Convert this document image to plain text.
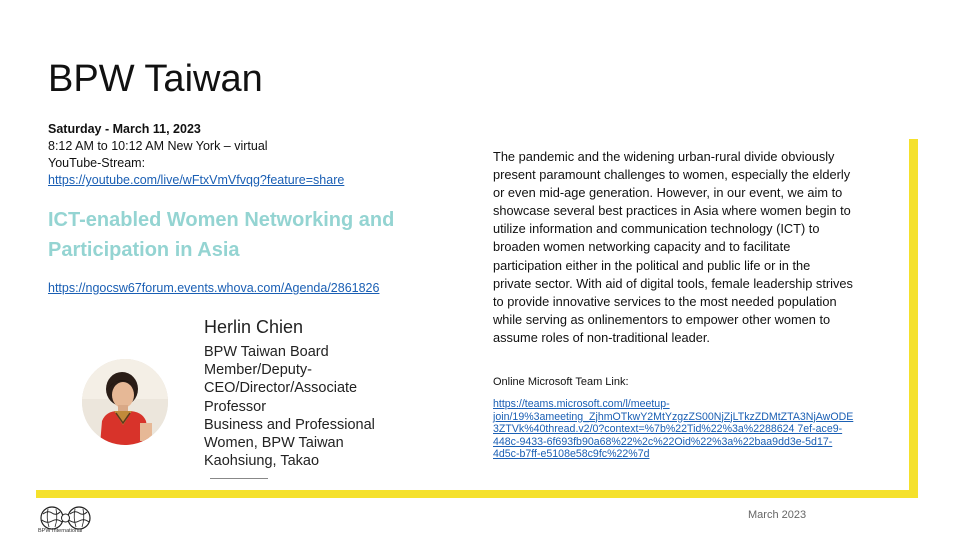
BPW Taiwan
Saturday - March 11, 2023
8:12 AM to 10:12 AM New York – virtual
YouTube-Stream:
https://youtube.com/live/wFtxVmVfvqg?feature=share
ICT-enabled Women Networking and Participation in Asia
https://ngocsw67forum.events.whova.com/Agenda/2861826
Herlin Chien
BPW Taiwan Board
Member/Deputy-
CEO/Director/Associate
Professor
Business and Professional
Women, BPW Taiwan
Kaohsiung, Takao
The pandemic and the widening urban-rural divide obviously
present paramount challenges to women, especially the elderly
or even mid-age generation. However, in our event, we aim to
showcase several best practices in Asia where women begin to
utilize information and communication technology (ICT) to
broaden women networking capacity and to facilitate
participation either in the political and public life or in the
private sector. With aid of digital tools, female leadership strives
to provide innovative services to the most needed population
while serving as onlinementors to empower other women to
assume roles of non-traditional leader.
Online Microsoft Team Link:
https://teams.microsoft.com/l/meetup-
join/19%3ameeting_ZjhmOTkwY2MtYzgzZS00NjZjLTkzZDMtZTA3NjAwODE
3ZTVk%40thread.v2/0?context=%7b%22Tid%22%3a%2288624 7ef-ace9-
448c-9433-6f693fb90a68%22%2c%22Oid%22%3a%22baa9dd3e-5d17-
4d5c-b7ff-e5108e58c9fc%22%7d
March 2023
BPW International
